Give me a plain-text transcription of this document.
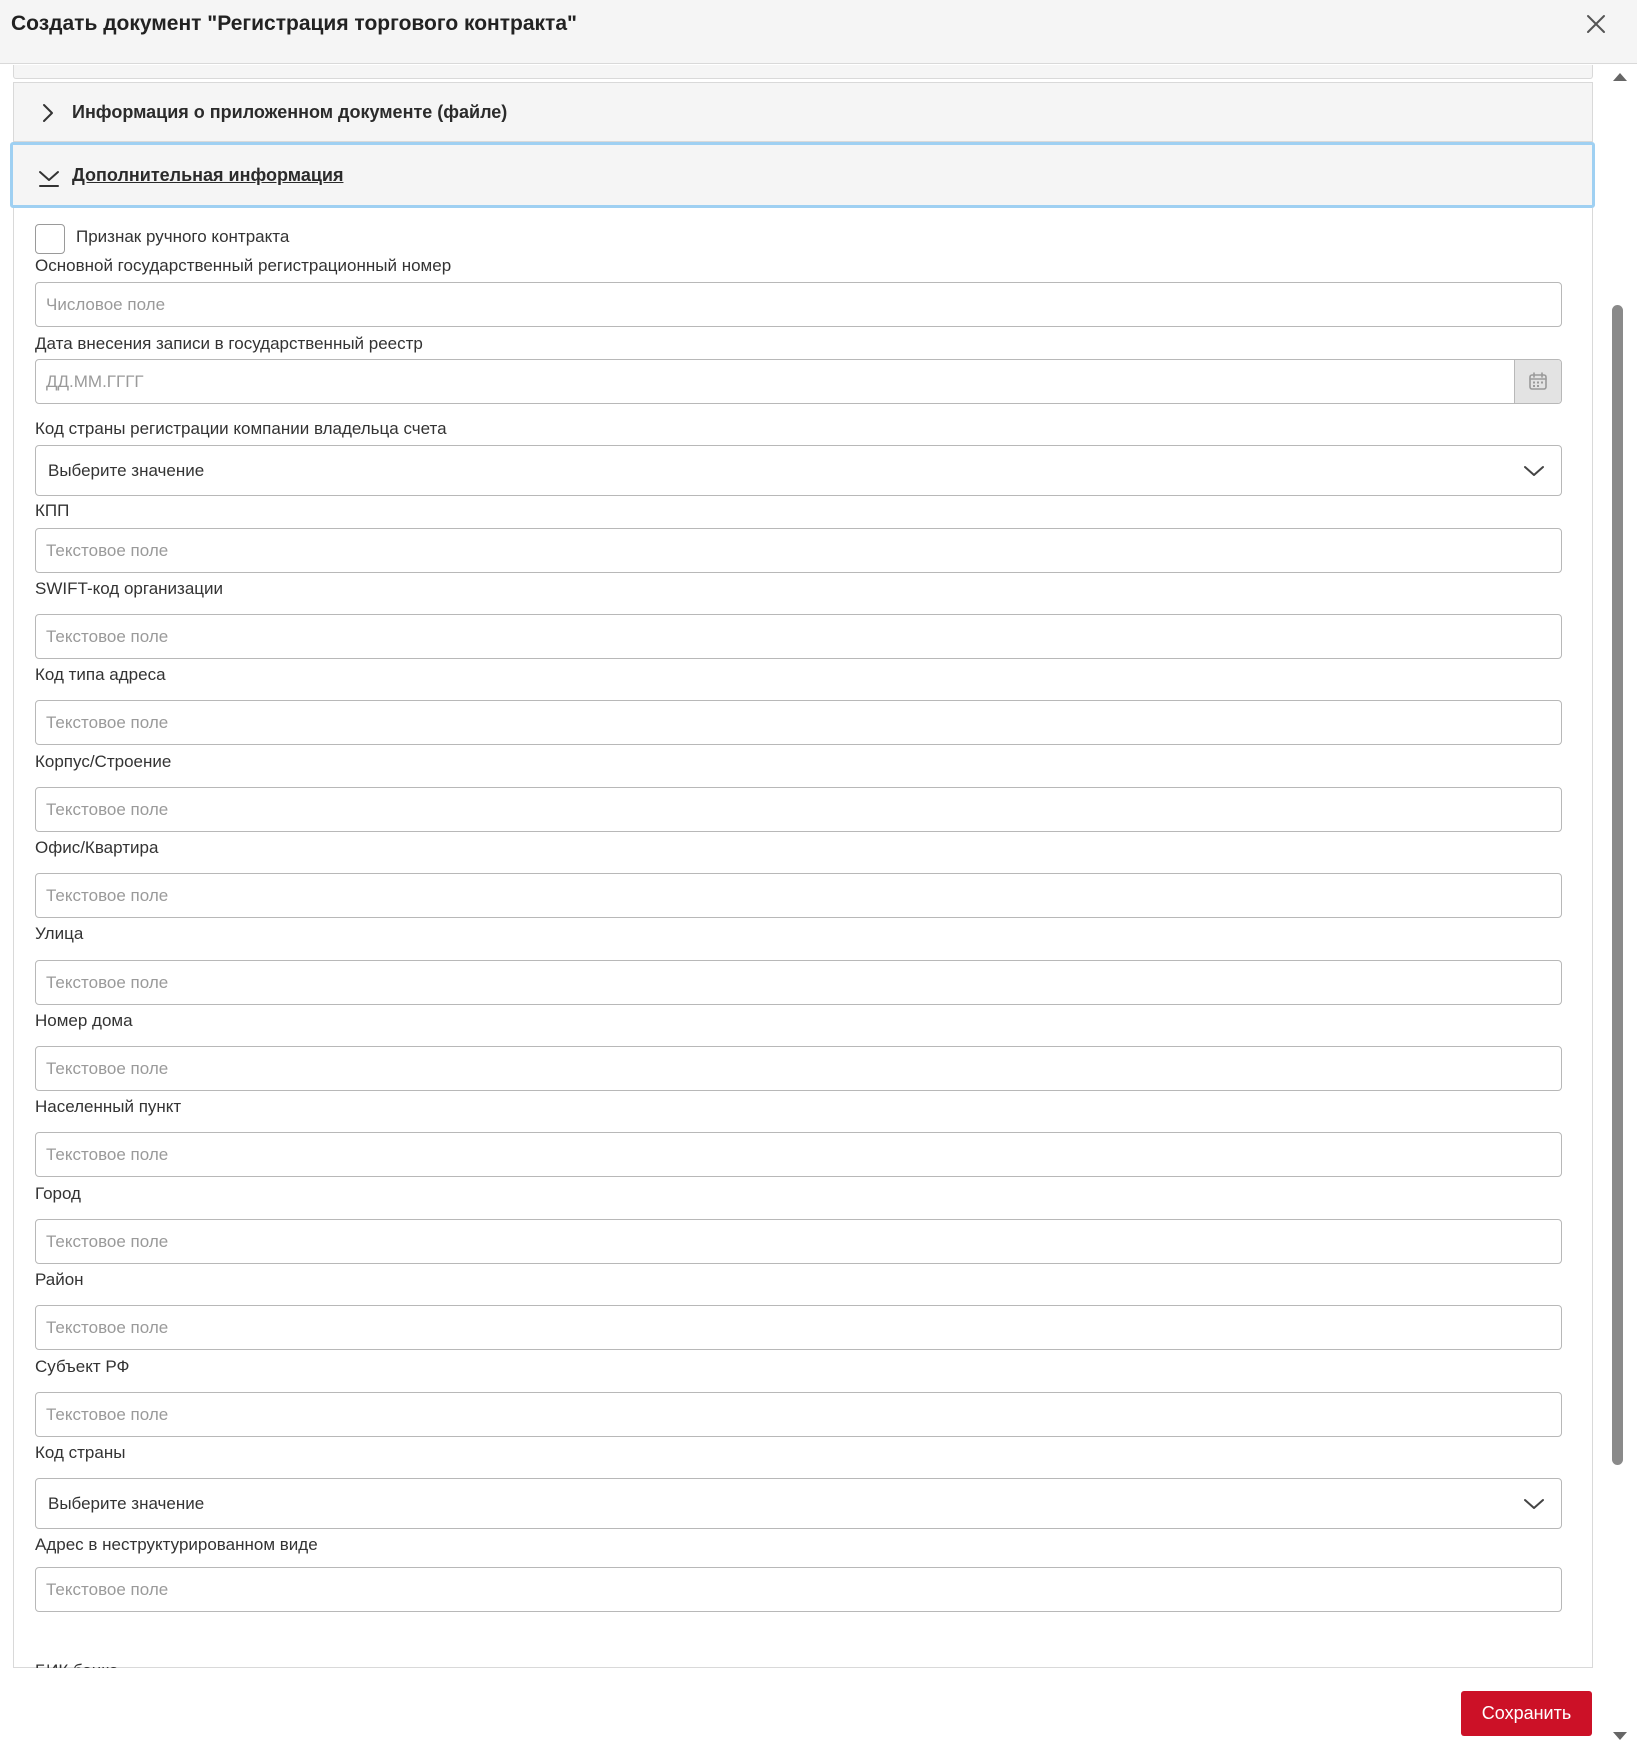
Создать документ "Регистрация торгового контракта"
Информация о приложенном документе (файле)
Дополнительная информация
Признак ручного контракта
Основной государственный регистрационный номер
Числовое поле
Дата внесения записи в государственный реестр
ДД.ММ.ГГГГ
Код страны регистрации компании владельца счета
Выберите значение
КПП
Текстовое поле
SWIFT-код организации
Текстовое поле
Код типа адреса
Текстовое поле
Корпус/Строение
Текстовое поле
Офис/Квартира
Текстовое поле
Улица
Текстовое поле
Номер дома
Текстовое поле
Населенный пункт
Текстовое поле
Город
Текстовое поле
Район
Текстовое поле
Субъект РФ
Текстовое поле
Код страны
Выберите значение
Адрес в неструктурированном виде
Текстовое поле
Сохранить
